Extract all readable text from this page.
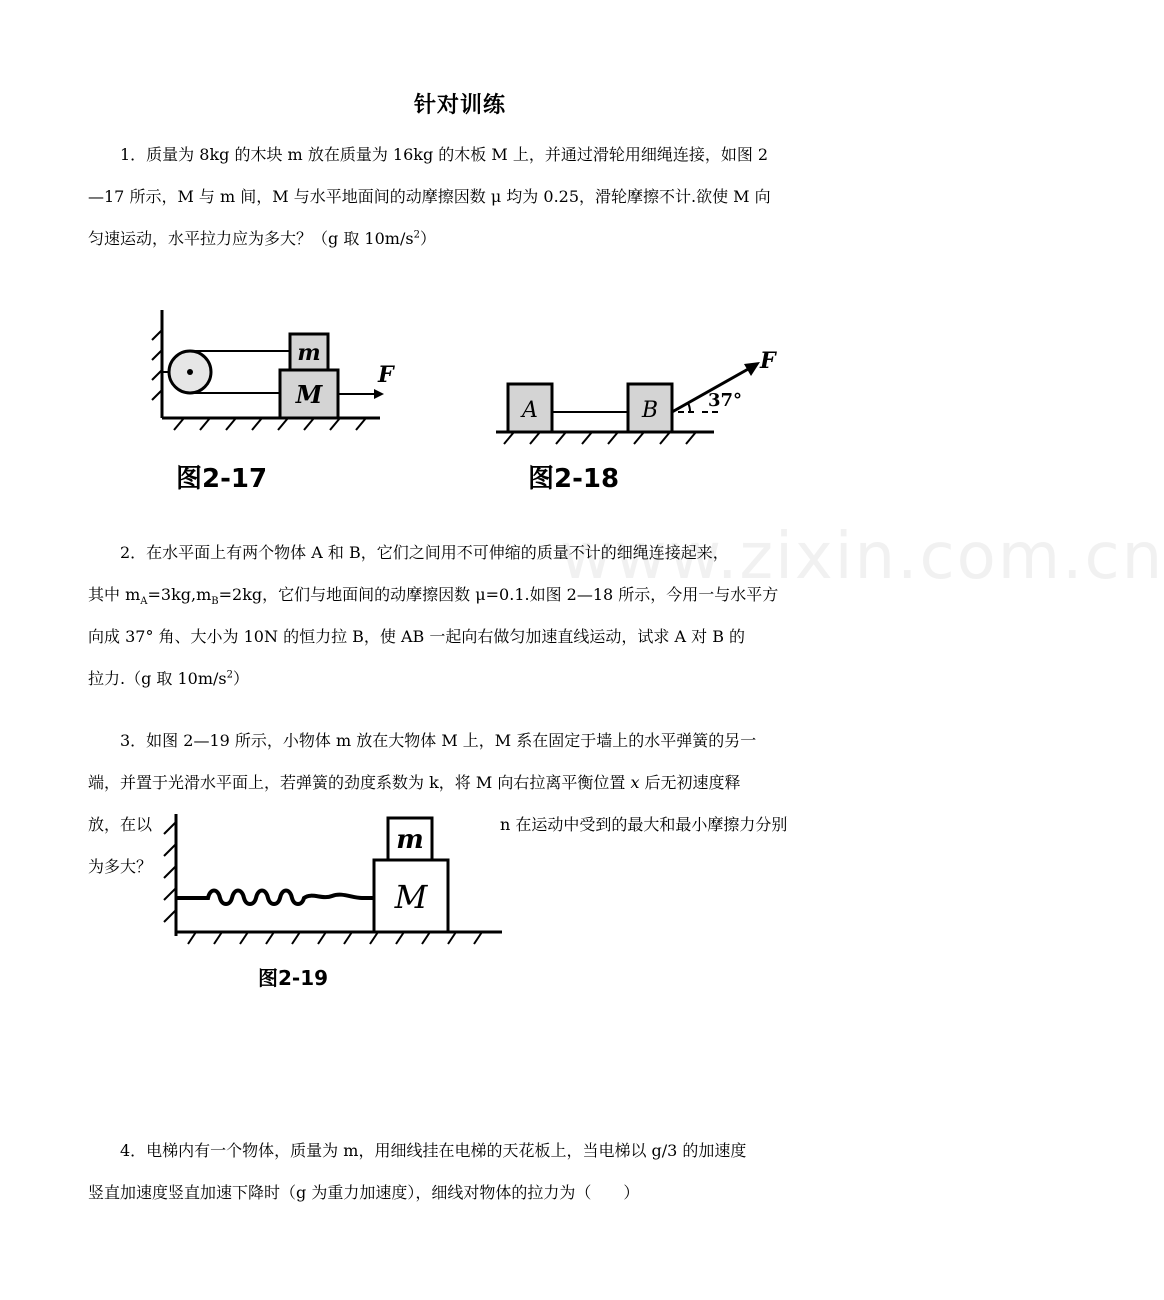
www.zixin.com.cn
针对训练
1．质量为 8kg 的木块 m 放在质量为 16kg 的木板 M 上，并通过滑轮用细绳连接，如图 2
—17 所示，M 与 m 间，M 与水平地面间的动摩擦因数 μ 均为 0.25，滑轮摩擦不计.欲使 M 向
匀速运动，水平拉力应为多大？（g 取 $10m/s^2$）
m
M
F
图2-17
A	B
F
37°
图2-18
2．在水平面上有两个物体 A 和 B，它们之间用不可伸缩的质量不计的细绳连接起来，
其中 $m_A=3kg,m_B=2kg$，它们与地面间的动摩擦因数 μ=0.1.如图 2—18 所示，今用一与水平方
向成 37° 角、大小为 10N 的恒力拉 B，使 AB 一起向右做匀加速直线运动，试求 A 对 B 的
拉力.（g 取 $10m/s^2$）
3．如图 2—19 所示，小物体 m 放在大物体 M 上，M 系在固定于墙上的水平弹簧的另一
端，并置于光滑水平面上，若弹簧的劲度系数为 k，将 M 向右拉离平衡位置 x 后无初速度释
放，在以	n 在运动中受到的最大和最小摩擦力分别
为多大？
M
m
图2-19
4．电梯内有一个物体，质量为 m，用细线挂在电梯的天花板上，当电梯以 g/3 的加速度
竖直加速度竖直加速下降时（g 为重力加速度），细线对物体的拉力为（　　）
